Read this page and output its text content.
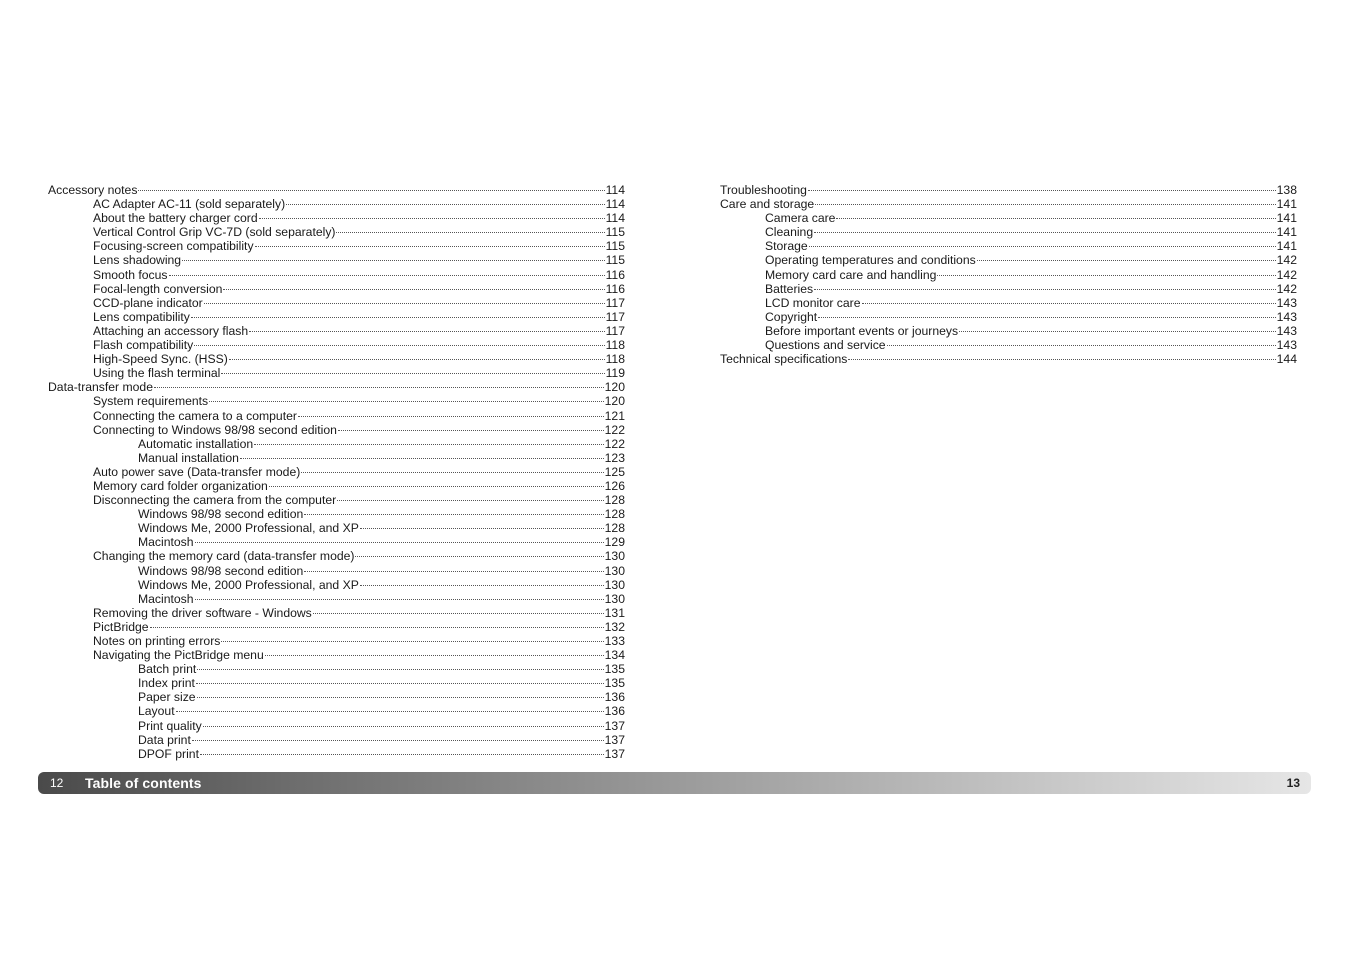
Accessory notes	114
AC Adapter AC-11 (sold separately)	114
About the battery charger cord	114
Vertical Control Grip VC-7D (sold separately)	115
Focusing-screen compatibility	115
Lens shadowing	115
Smooth focus	116
Focal-length conversion	116
CCD-plane indicator	117
Lens compatibility	117
Attaching an accessory flash	117
Flash compatibility	118
High-Speed Sync. (HSS)	118
Using the flash terminal	119
Data-transfer mode	120
System requirements	120
Connecting the camera to a computer	121
Connecting to Windows 98/98 second edition	122
Automatic installation	122
Manual installation	123
Auto power save (Data-transfer mode)	125
Memory card folder organization	126
Disconnecting the camera from the computer	128
Windows 98/98 second edition	128
Windows Me, 2000 Professional, and XP	128
Macintosh	129
Changing the memory card (data-transfer mode)	130
Windows 98/98 second edition	130
Windows Me, 2000 Professional, and XP	130
Macintosh	130
Removing the driver software - Windows	131
PictBridge	132
Notes on printing errors	133
Navigating the PictBridge menu	134
Batch print	135
Index print	135
Paper size	136
Layout	136
Print quality	137
Data print	137
DPOF print	137
Troubleshooting	138
Care and storage	141
Camera care	141
Cleaning	141
Storage	141
Operating temperatures and conditions	142
Memory card care and handling	142
Batteries	142
LCD monitor care	143
Copyright	143
Before important events or journeys	143
Questions and service	143
Technical specifications	144
12 Table of contents	13
